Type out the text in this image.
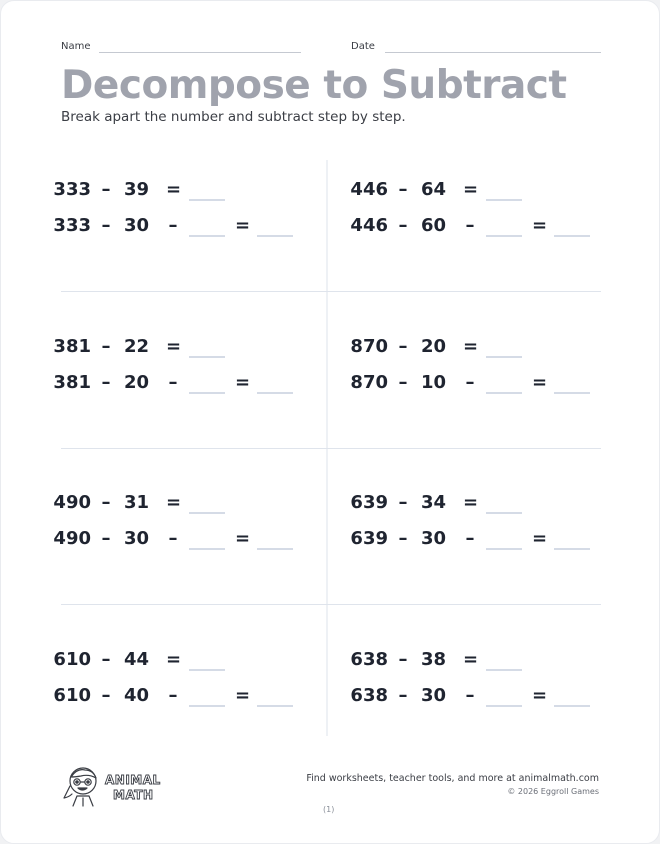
Name	Date
Decompose to Subtract
Break apart the number and subtract step by step.
333 – 39 =
333 – 30 –	=
446 – 64 =
446 – 60 –	=
381 – 22 =
381 – 20 –	=
870 – 20 =
870 – 10 –	=
490 – 31 =
490 – 30 –	=
639 – 34 =
639 – 30 –	=
610 – 44 =
610 – 40 –	=
638 – 38 =
638 – 30 –	=
ANIMAL
MATH
Find worksheets, teacher tools, and more at animalmath.com
© 2026 Eggroll Games
(1)
